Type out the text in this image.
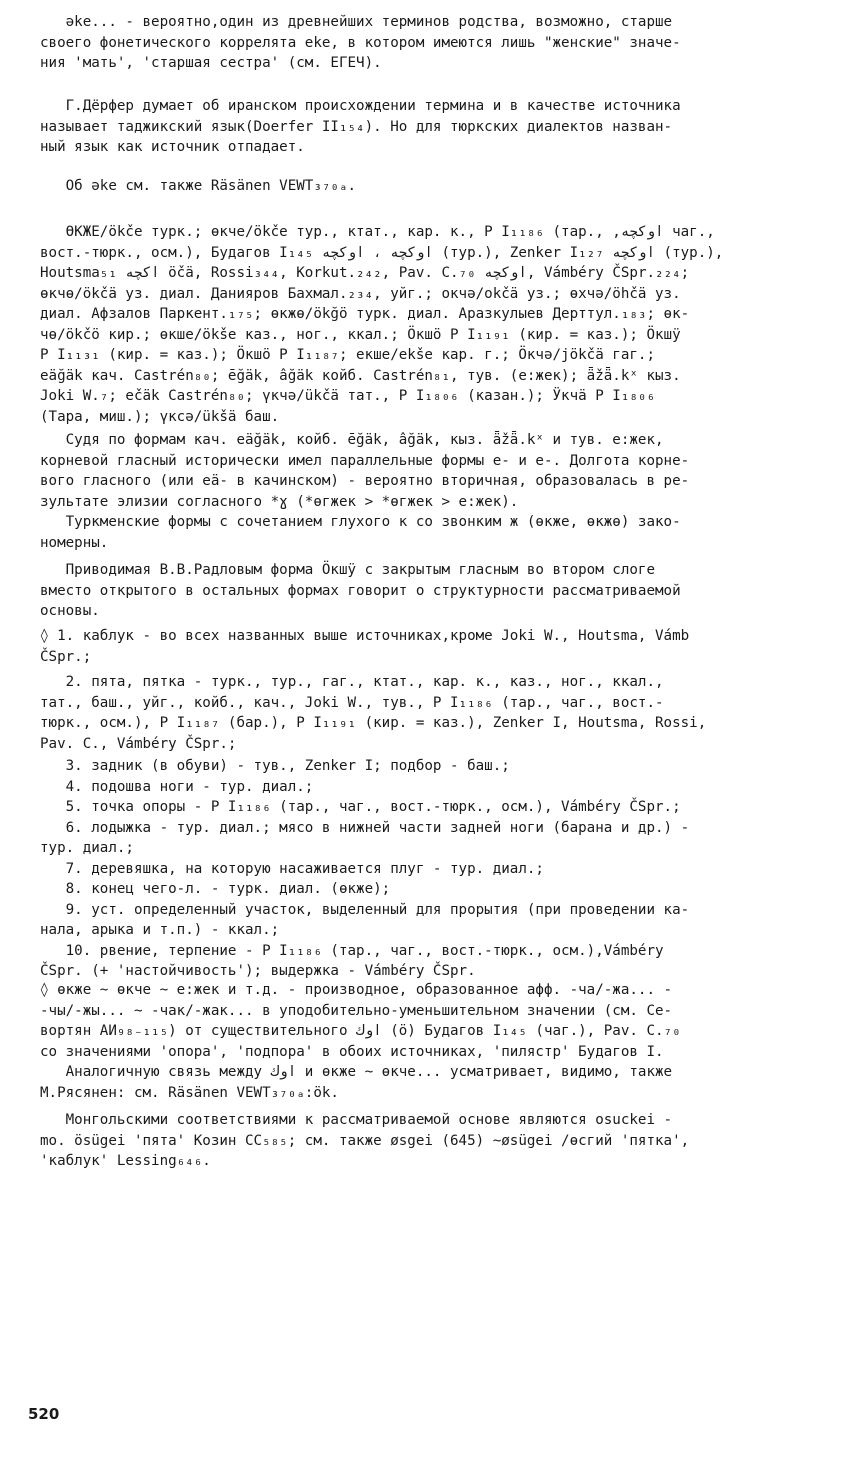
əke... - вероятно,один из древнейших терминов родства, возможно, старше
своего фонетического коррелята eke, в котором имеются лишь "женские" значе-
ния 'мать', 'старшая сестра' (см. ЕГЕЧ).
Г.Дёрфер думает об иранском происхождении термина и в качестве источника
называет таджикский язык(Doerfer II₁₅₄). Но для тюркских диалектов назван-
ный язык как источник отпадает.
Об əke см. также Räsänen VEWT₃₇₀ₐ.
ӨКЖЕ/ökčе турк.; өкчe/ökče тур., ктат., кар. к., Р I₁₁₈₆ (тар., ,اوکچه чаг.,
вост.-тюрк., осм.), Будагов I₁₄₅ اوکچه ، اوکچه (тур.), Zenker I₁₂₇ اوکچه (тур.),
Houtsma₅₁ اکچه öčä, Rossi₃₄₄, Korkut.₂₄₂, Pav. C.₇₀ اوکچه, Vámbéry ČSpr.₂₂₄;
өкчө/ökčä уз. диал. Данияров Бахмал.₂₃₄, уйг.; окчә/okčä уз.; өхчә/öhčä уз.
диал. Афзалов Паркент.₁₇₅; өкжө/ökğö турк. диал. Аразкулыев Дерттул.₁₈₃; өк-
чө/ökčö кир.; өкше/ökše каз., ног., ккал.; Ӧкшӧ Р I₁₁₉₁ (кир. = каз.); Ӧкшӱ
Р I₁₁₃₁ (кир. = каз.); Ӧкшӧ Р I₁₁₈₇; екше/ekše кар. г.; Ӧкчә/jökčä гаг.;
eäğäk кач. Castrén₈₀; ēğäk, âğäk койб. Castrén₈₁, тув. (е:жек); ǟžǟ.kˣ кыз.
Joki W.₇; ečäk Castrén₈₀; үкчә/ükčä тат., Р I₁₈₀₆ (казан.); Ӱкчӓ Р I₁₈₀₆
(Тара, миш.); үкcә/ükšä баш.
Судя по формам кач. eäğäk, койб. ēğäk, âğäk, кыз. ǟžǟ.kˣ и тув. е:жек,
корневой гласный исторически имел параллельные формы е- и е-. Долгота корне-
вого гласного (или еä- в качинском) - вероятно вторичная, образовалась в ре-
зультате элизии согласного *ɣ (*өгжек > *өгжек > е:жек).
Туркменские формы с сочетанием глухого к со звонким ж (өкже, өкжө) зако-
номерны.
Приводимая В.В.Радловым форма Ӧкшӱ с закрытым гласным во втором слоге
вместо открытого в остальных формах говорит о структурности рассматриваемой
основы.
◊ 1. каблук - во всех названных выше источниках,кроме Joki W., Houtsma, Vámb
ČSpr.;
2. пята, пятка - турк., тур., гаг., ктат., кар. к., каз., ног., ккал.,
тат., баш., уйг., койб., кач., Joki W., тув., Р I₁₁₈₆ (тар., чаг., вост.-
тюрк., осм.), Р I₁₁₈₇ (бар.), Р I₁₁₉₁ (кир. = каз.), Zenker I, Houtsma, Rossi,
Pav. C., Vámbéry ČSpr.;
3. задник (в обуви) - тув., Zenker I; подбор - баш.;
4. подошва ноги - тур. диал.;
5. точка опоры - Р I₁₁₈₆ (тар., чаг., вост.-тюрк., осм.), Vámbéry ČSpr.;
6. лодыжка - тур. диал.; мясо в нижней части задней ноги (барана и др.) -
тур. диал.;
7. деревяшка, на которую насаживается плуг - тур. диал.;
8. конец чего-л. - турк. диал. (өкже);
9. уст. определенный участок, выделенный для прорытия (при проведении ка-
нала, арыка и т.п.) - ккал.;
10. рвение, терпение - Р I₁₁₈₆ (тар., чаг., вост.-тюрк., осм.),Vámbéry
ČSpr. (+ 'настойчивость'); выдержка - Vámbéry ČSpr.
◊ өкже ~ өкче ~ е:жек и т.д. - производное, образованное афф. -ча/-жа... -
-чы/-жы... ~ -чак/-жак... в уподобительно-уменьшительном значении (см. Се-
вортян АИ₉₈₋₁₁₅) от существительного اوك (ӧ) Будагов I₁₄₅ (чаг.), Pav. C.₇₀
со значениями 'опора', 'подпора' в обоих источниках, 'пилястр' Будагов I.
Аналогичную связь между اوك и өкже ~ өкче... усматривает, видимо, также
М.Рясянен: см. Räsänen VEWT₃₇₀ₐ:ök.
Монгольскими соответствиями к рассматриваемой основе являются osuckei -
mo. ösügei 'пята' Козин СС₅₈₅; см. также øsgei (645) ~øsügei /өсгий 'пятка',
'каблук' Lessing₆₄₆.
520
